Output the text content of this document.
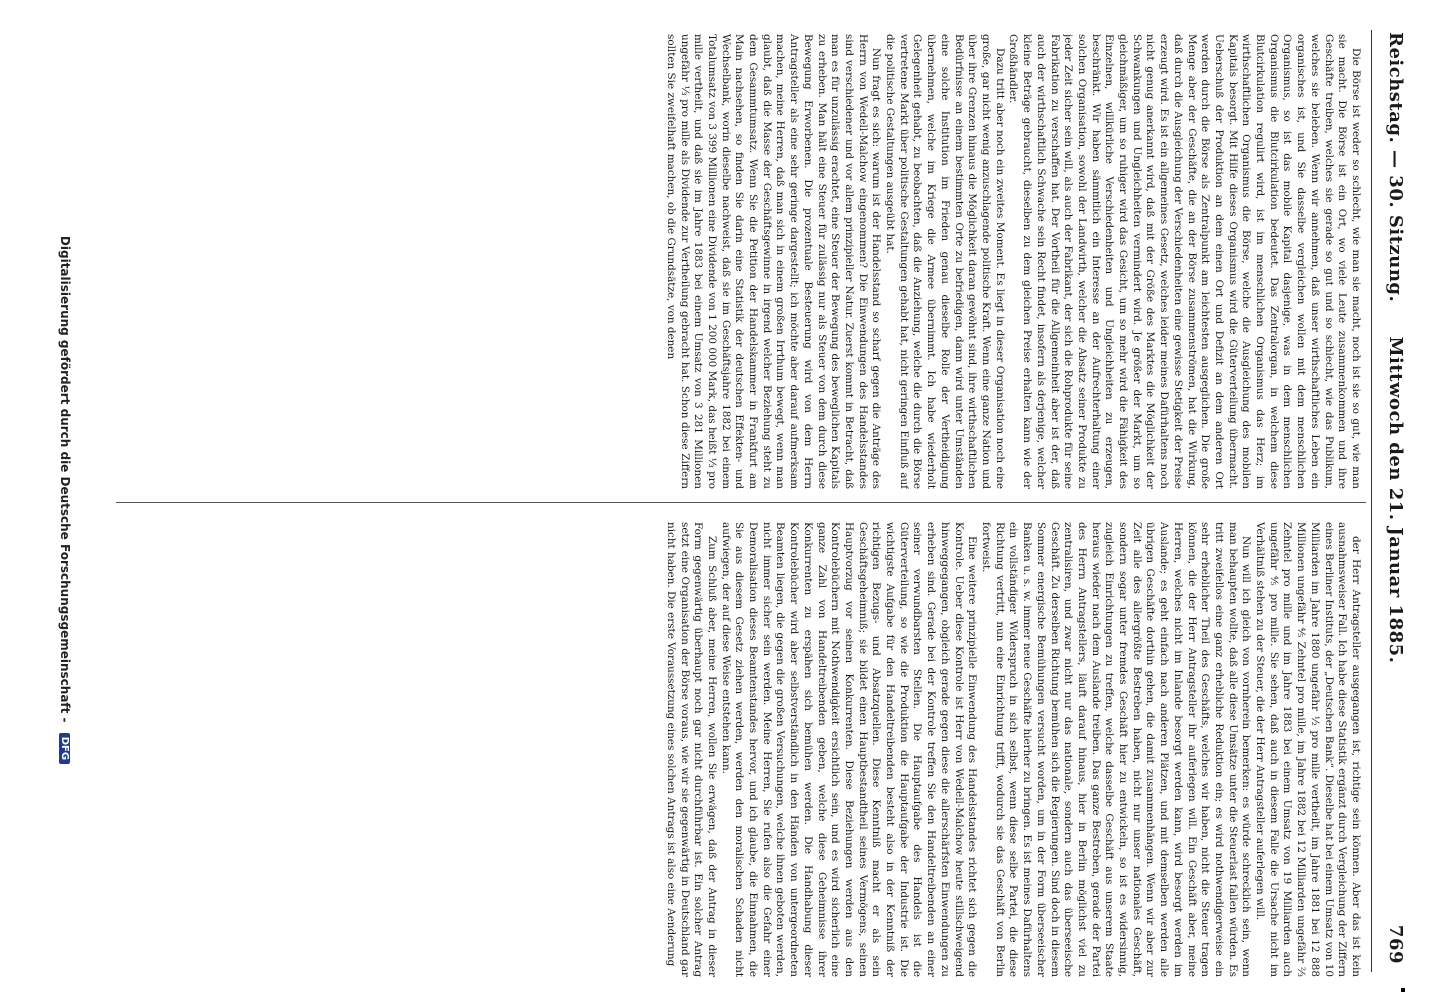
Reichstag. — 30. Sitzung.
Mittwoch den 21. Januar 1885.
769

Die Börse ist weder so schlecht, wie man sie macht, noch ist sie so gut, wie man sie macht. Die Börse ist ein Ort, wo viele Leute zusammenkommen und ihre Geschäfte treiben, welches sie gerade so gut und so schlecht, wie das Publikum, welches sie beleben. Wenn wir annehmen, daß unser wirthschaftliches Leben ein organisches ist, und Sie dasselbe vergleichen wollen mit dem menschlichen Organismus, so ist das mobile Kapital dasjenige, was in dem menschlichen Organismus die Blutcirkulation bedeutet. Das Zentralorgan, in welchem diese Blutcirkulation regulirt wird, ist im menschlichen Organismus das Herz; im wirthschaftlichen Organismus die Börse, welche die Ausgleichung des mobilen Kapitals besorgt. Mit Hilfe dieses Organismus wird die Güterverteilung übermacht. Ueberschuß der Produktion an dem einen Ort und Defizit an dem anderen Ort werden durch die Börse als Zentralpunkt am leichtesten ausgeglichen. Die große Menge aber der Geschäfte, die an der Börse zusammenströmen, hat die Wirkung, daß durch die Ausgleichung der Verschiedenheiten eine gewisse Stetigkeit der Preise erzeugt wird. Es ist ein allgemeines Gesetz, welches leider meines Dafürhaltens noch nicht genug anerkannt wird, daß mit der Größe des Marktes die Möglichkeit der Schwankungen und Ungleichheiten vermindert wird. Je größer der Markt, um so gleichmäßiger, um so ruhiger wird das Gesicht, um so mehr wird die Fähigkeit des Einzelnen, willkürliche Verschiedenheiten und Ungleichheiten zu erzeugen, beschränkt. Wir haben sämmtlich ein Interesse an der Aufrechterhaltung einer solchen Organisation, sowohl der Landwirth, welcher die Absatz seiner Produkte zu jeder Zeit sicher sein will, als auch der Fabrikant, der sich die Rohprodukte für seine Fabrikation zu verschaffen hat. Der Vortheil für die Allgemeinheit aber ist der, daß auch der wirthschaftlich Schwache sein Recht findet, insofern als derjenige, welcher kleine Beträge gebraucht, dieselben zu dem gleichen Preise erhalten kann wie der Großhändler.

Dazu tritt aber noch ein zweites Moment. Es liegt in dieser Organisation noch eine große, gar nicht wenig anzuschlagende politische Kraft. Wenn eine ganze Nation und über ihre Grenzen hinaus die Möglichkeit daran gewöhnt sind, ihre wirthschaftlichen Bedürfnisse an einem bestimmten Orte zu befriedigen, dann wird unter Umständen eine solche Institution im Frieden genau dieselbe Rolle der Vertheidigung übernehmen, welche im Kriege die Armee übernimmt. Ich habe wiederholt Gelegenheit gehabt, zu beobachten, daß die Anziehung, welche die durch die Börse vertretene Markt über politische Gestaltungen gehabt hat, nicht geringen Einfluß auf die politische Gestaltungen ausgeübt hat.

Nun fragt es sich: warum ist der Handelsstand so scharf gegen die Anträge des Herrn von Wedell-Malchow eingenommen? Die Einwendungen des Handelsstandes sind verschiedener und vor allem prinzipieller Natur. Zuerst kommt in Betracht, daß man es für unzulässig erachtet, eine Steuer der Bewegung des beweglichen Kapitals zu erheben. Man hält eine Steuer für zulässig nur als Steuer von dem durch diese Bewegung Erworbenen. Die prozentuale Besteuerung wird von dem Herrn Antragsteller als eine sehr geringe dargestellt; ich möchte aber darauf aufmerksam machen, meine Herren, daß man sich in einem großen Irrthum bewegt, wenn man glaubt, daß die Masse der Geschäftsgewinne in irgend welcher Beziehung steht zu dem Gesammtumsatz. Wenn Sie die Petition der Handelskammer in Frankfurt am Main nachsehen, so finden Sie darin eine Statistik der deutschen Effekten- und Wechselbank, worin dieselbe nachweist, daß sie im Geschäftsjahre 1882 bei einem Totalumsatz von 3 399 Millionen eine Dividende von 1 200 000 Mark, das heißt ⅓ pro mille vertheilt, und daß sie im Jahre 1883 bei einem Umsatz von 3 281 Millionen ungefähr ⅓ pro mille als Dividende zur Vertheilung gebracht hat. Schon diese Ziffern sollten Sie zweifelhaft machen, ob die Grundsätze, von denen

der Herr Antragsteller ausgegangen ist, richtige sein können. Aber das ist kein ausnahmsweiser Fall. Ich habe diese Statistik ergänzt durch Vergleichung der Ziffern eines Berliner Instituts, der „Deutschen Bank“. Dieselbe hat bei einem Umsatz von 10 Milliarden im Jahre 1880 ungefähr ½ pro mille vertheilt, im Jahre 1881 bei 12 888 Millionen ungefähr ⅘ Zehntel pro mille, im Jahre 1882 bei 12 Milliarden ungefähr ⅔ Zehntel pro mille und im Jahre 1883 bei einem Umsatz von 19 Milliarden auch ungefähr ⅘ pro mille. Sie sehen, daß auch in diesem Falle die Ursache nicht im Verhältniß stehen zu der Steuer, die der Herr Antragsteller auferlegen will.

Nun will ich gleich von vornherein bemerken: es würde schrecklich sein, wenn man behaupten wollte, daß alle diese Umsätze unter die Steuerlast fallen würden. Es tritt zweifellos eine ganz erhebliche Reduktion ein; es wird nothwendigerweise ein sehr erheblicher Theil des Geschäfts, welches wir haben, nicht die Steuer tragen können, die der Herr Antragsteller ihr auferlegen will. Ein Geschäft aber, meine Herren, welches nicht im Inlande besorgt werden kann, wird besorgt werden im Auslande; es geht einfach nach anderen Plätzen, und mit demselben werden alle übrigen Geschäfte dorthin gehen, die damit zusammenhängen. Wenn wir aber zur Zeit alle des allergrößte Bestreben haben, nicht nur unser nationales Geschäft, sondern sogar unter fremdes Geschäft hier zu entwickeln, so ist es widersinnig, zugleich Einrichtungen zu treffen, welche dasselbe Geschäft aus unserem Staate heraus wieder nach dem Auslande treiben. Das ganze Bestreben, gerade der Partei des Herrn Antragstellers, läuft darauf hinaus, hier in Berlin möglichst viel zu zentralisiren, und zwar nicht nur das nationale, sondern auch das überseeische Geschäft. Zu derselben Richtung bemühen sich die Regierungen. Sind doch in diesem Sommer energische Bemühungen versucht worden, um in der Form überseeischer Banken u. s. w. immer neue Geschäfte hierher zu bringen. Es ist meines Dafürhaltens ein vollständiger Widerspruch in sich selbst, wenn diese selbe Partei, die diese Richtung vertritt, nun eine Einrichtung trifft, wodurch sie das Geschäft von Berlin fortweist.

Eine weitere prinzipielle Einwendung des Handelsstandes richtet sich gegen die Kontrole. Ueber diese Kontrole ist Herr von Wedell-Malchow heute stillschweigend hinweggegangen, obgleich gerade gegen diese die allerschärfsten Einwendungen zu erheben sind. Gerade bei der Kontrole treffen Sie den Handeltreibenden an einer seiner verwundbarsten Stellen. Die Hauptaufgabe des Handels ist die Güterverteilung, so wie die Produktion die Hauptaufgabe der Industrie ist. Die wichtigste Aufgabe für den Handeltreibenden besteht also in der Kenntniß der richtigen Bezugs- und Absatzquellen. Diese Kenntniß macht er als sein Geschäftsgeheimniß; sie bildet einen Hauptbestandtheil seines Vermögens, seinen Hauptvorzug vor seinen Konkurrenten. Diese Beziehungen werden aus den Kontrolebüchern mit Nothwendigkeit ersichtlich sein, und es wird sicherlich eine ganze Zahl von Handeltreibenden geben, welche diese Geheimnisse ihrer Konkurrenten zu erspähen sich bemühen werden. Die Handhabung dieser Kontrolebücher wird aber selbstverständlich in den Händen von untergeordneten Beamten liegen, die gegen die großen Versuchungen, welche ihnen geboten werden, nicht immer sicher sein werden. Meine Herren, Sie rufen also die Gefahr einer Demoralisation dieses Beamtenstandes hervor, und ich glaube, die Einnahmen, die Sie aus diesem Gesetz ziehen werden, werden den moralischen Schaden nicht aufwiegen, der auf diese Weise entstehen kann.

Zum Schluß aber, meine Herren, wollen Sie erwägen, daß der Antrag in dieser Form gegenwärtig überhaupt noch gar nicht durchführbar ist. Ein solcher Antrag setzt eine Organisation der Börse voraus, wie wir sie gegenwärtig in Deutschland gar nicht haben. Die erste Voraussetzung eines solchen Antrags ist also eine Aenderung

Digitalisierung gefördert durch die Deutsche Forschungsgemeinschaft - DFG
